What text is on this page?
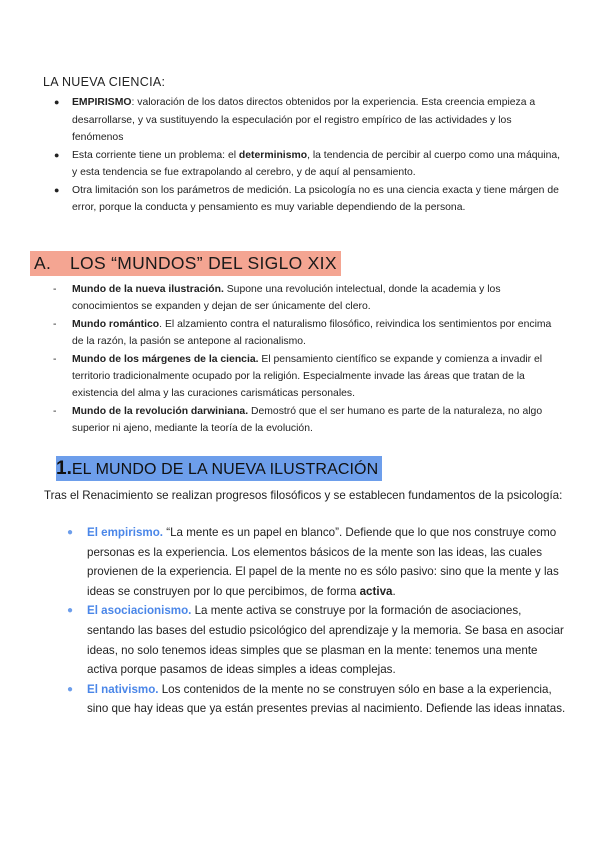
LA NUEVA CIENCIA:
● EMPIRISMO: valoración de los datos directos obtenidos por la experiencia. Esta creencia empieza a desarrollarse, y va sustituyendo la especulación por el registro empírico de las actividades y los fenómenos
● Esta corriente tiene un problema: el determinismo, la tendencia de percibir al cuerpo como una máquina, y esta tendencia se fue extrapolando al cerebro, y de aquí al pensamiento.
● Otra limitación son los parámetros de medición. La psicología no es una ciencia exacta y tiene márgen de error, porque la conducta y pensamiento es muy variable dependiendo de la persona.
A. LOS “MUNDOS” DEL SIGLO XIX
- Mundo de la nueva ilustración. Supone una revolución intelectual, donde la academia y los conocimientos se expanden y dejan de ser únicamente del clero.
- Mundo romántico. El alzamiento contra el naturalismo filosófico, reivindica los sentimientos por encima de la razón, la pasión se antepone al racionalismo.
- Mundo de los márgenes de la ciencia. El pensamiento científico se expande y comienza a invadir el territorio tradicionalmente ocupado por la religión. Especialmente invade las áreas que tratan de la existencia del alma y las curaciones carismáticas personales.
- Mundo de la revolución darwiniana. Demostró que el ser humano es parte de la naturaleza, no algo superior ni ajeno, mediante la teoría de la evolución.
1.EL MUNDO DE LA NUEVA ILUSTRACIÓN
Tras el Renacimiento se realizan progresos filosóficos y se establecen fundamentos de la psicología:
● El empirismo. “La mente es un papel en blanco”. Defiende que lo que nos construye como personas es la experiencia. Los elementos básicos de la mente son las ideas, las cuales provienen de la experiencia. El papel de la mente no es sólo pasivo: sino que la mente y las ideas se construyen por lo que percibimos, de forma activa.
● El asociacionismo. La mente activa se construye por la formación de asociaciones, sentando las bases del estudio psicológico del aprendizaje y la memoria. Se basa en asociar ideas, no solo tenemos ideas simples que se plasman en la mente: tenemos una mente activa porque pasamos de ideas simples a ideas complejas.
● El nativismo. Los contenidos de la mente no se construyen sólo en base a la experiencia, sino que hay ideas que ya están presentes previas al nacimiento. Defiende las ideas innatas.
